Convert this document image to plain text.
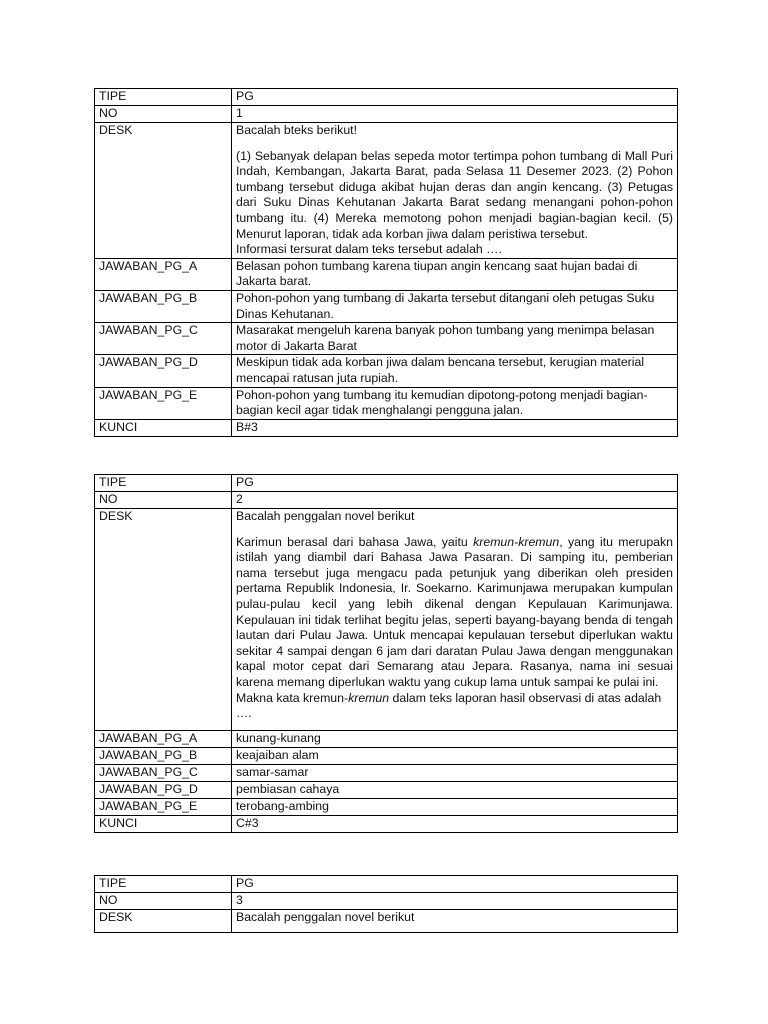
TIPE	PG
NO	1
DESK	Bacalah bteks berikut!

(1) Sebanyak delapan belas sepeda motor tertimpa pohon tumbang di Mall Puri Indah, Kembangan, Jakarta Barat, pada Selasa 11 Desemer 2023. (2) Pohon tumbang tersebut diduga akibat hujan deras dan angin kencang. (3) Petugas dari Suku Dinas Kehutanan Jakarta Barat sedang menangani pohon-pohon tumbang itu. (4) Mereka memotong pohon menjadi bagian-bagian kecil. (5) Menurut laporan, tidak ada korban jiwa dalam peristiwa tersebut.

Informasi tersurat dalam teks tersebut adalah ….

JAWABAN_PG_A	Belasan pohon tumbang karena tiupan angin kencang saat hujan badai di Jakarta barat.
JAWABAN_PG_B	Pohon-pohon yang tumbang di Jakarta tersebut ditangani oleh petugas Suku Dinas Kehutanan.
JAWABAN_PG_C	Masarakat mengeluh karena banyak pohon tumbang yang menimpa belasan motor di Jakarta Barat
JAWABAN_PG_D	Meskipun tidak ada korban jiwa dalam bencana tersebut, kerugian material mencapai ratusan juta rupiah.
JAWABAN_PG_E	Pohon-pohon yang tumbang itu kemudian dipotong-potong menjadi bagian-bagian kecil agar tidak menghalangi pengguna jalan.
KUNCI	B#3
TIPE	PG
NO	2
DESK	Bacalah penggalan novel berikut

Karimun berasal dari bahasa Jawa, yaitu kremun-kremun, yang itu merupakn istilah yang diambil dari Bahasa Jawa Pasaran. Di samping itu, pemberian nama tersebut juga mengacu pada petunjuk yang diberikan oleh presiden pertama Republik Indonesia, Ir. Soekarno. Karimunjawa merupakan kumpulan pulau-pulau kecil yang lebih dikenal dengan Kepulauan Karimunjawa. Kepulauan ini tidak terlihat begitu jelas, seperti bayang-bayang benda di tengah lautan dari Pulau Jawa. Untuk mencapai kepulauan tersebut diperlukan waktu sekitar 4 sampai dengan 6 jam dari daratan Pulau Jawa dengan menggunakan kapal motor cepat dari Semarang atau Jepara. Rasanya, nama ini sesuai karena memang diperlukan waktu yang cukup lama untuk sampai ke pulai ini.

Makna kata kremun-kremun dalam teks laporan hasil observasi di atas adalah ….

JAWABAN_PG_A	kunang-kunang
JAWABAN_PG_B	keajaiban alam
JAWABAN_PG_C	samar-samar
JAWABAN_PG_D	pembiasan cahaya
JAWABAN_PG_E	terobang-ambing
KUNCI	C#3
TIPE	PG
NO	3
DESK	Bacalah penggalan novel berikut
